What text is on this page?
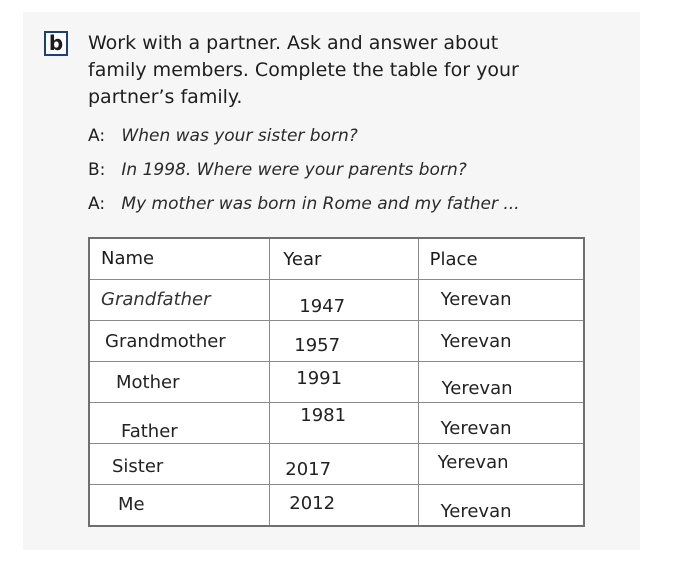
b Work with a partner. Ask and answer about family members. Complete the table for your partner’s family.
A: When was your sister born?
B: In 1998. Where were your parents born?
A: My mother was born in Rome and my father ...
Name	Year	Place

Grandfather	1947	Yerevan

Grandmother	1957	Yerevan

Mother	1991	Yerevan

Father	1981	Yerevan

Sister	2017	Yerevan

Me	2012	Yerevan
